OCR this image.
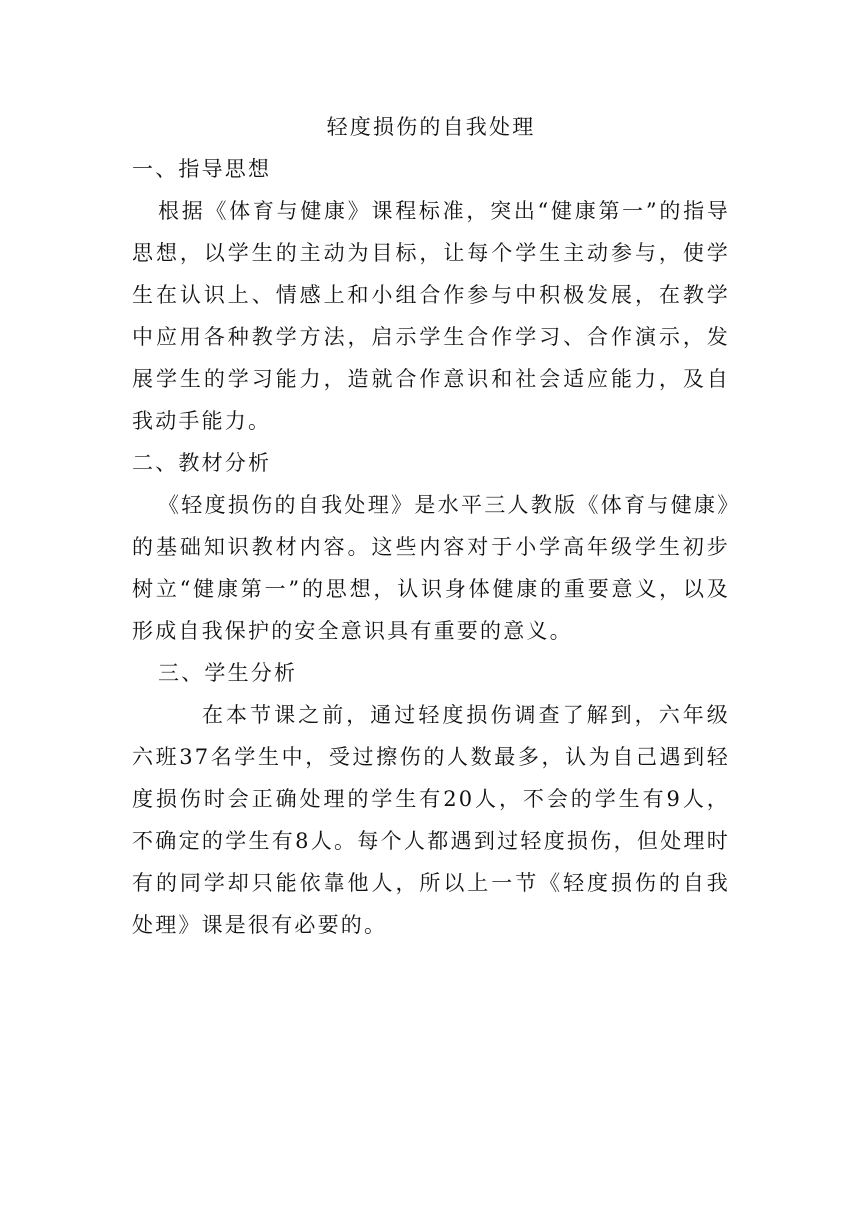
轻度损伤的自我处理
一、指导思想

根据《体育与健康》课程标准，突出“健康第一”的指导思想，以学生的主动为目标，让每个学生主动参与，使学生在认识上、情感上和小组合作参与中积极发展，在教学中应用各种教学方法，启示学生合作学习、合作演示，发展学生的学习能力，造就合作意识和社会适应能力，及自我动手能力。

二、教材分析

《轻度损伤的自我处理》是水平三人教版《体育与健康》的基础知识教材内容。这些内容对于小学高年级学生初步树立“健康第一”的思想，认识身体健康的重要意义，以及形成自我保护的安全意识具有重要的意义。

三、学生分析

在本节课之前，通过轻度损伤调查了解到，六年级六班37名学生中，受过擦伤的人数最多，认为自己遇到轻度损伤时会正确处理的学生有20人，不会的学生有9人，不确定的学生有8人。每个人都遇到过轻度损伤，但处理时有的同学却只能依靠他人，所以上一节《轻度损伤的自我处理》课是很有必要的。
